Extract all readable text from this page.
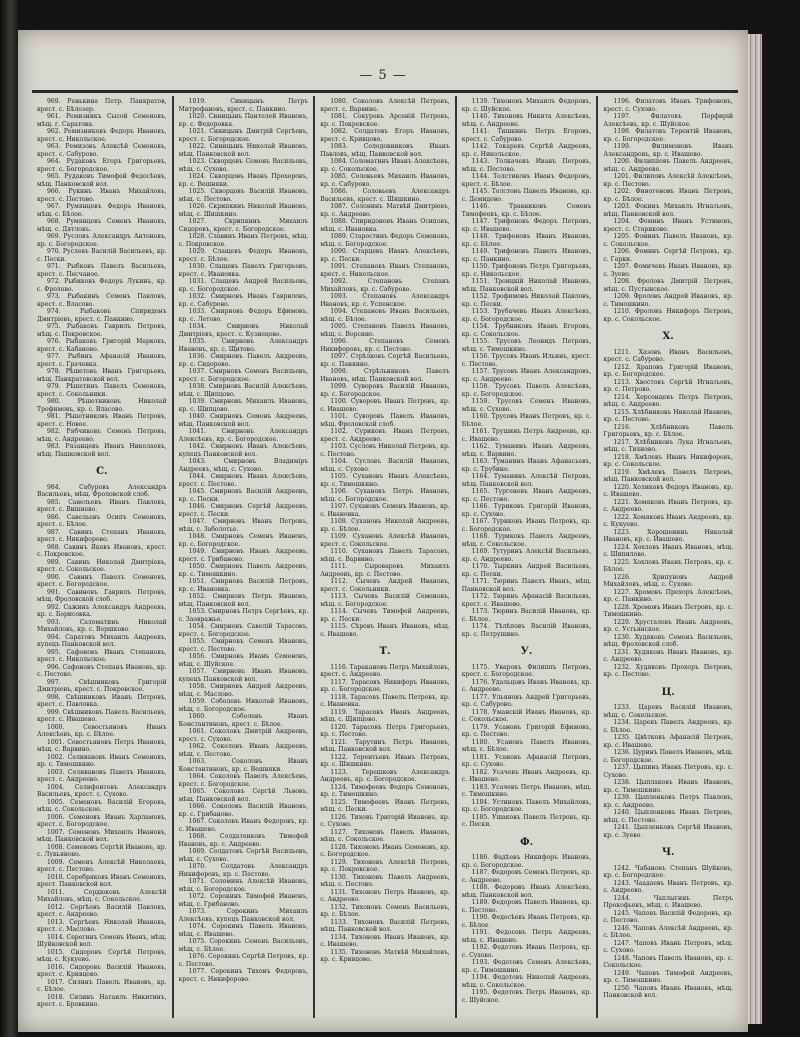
— 5 —

969. Ренькина Петр. Панкратов, крест. с. Бѣлозер.

961. Ремизникъ Сысой Семеновъ, мѣщ. г. Саратова.

962. Ремизниковъ Федоръ Ивановъ, крест. с. Никольское.

963. Ремизовъ Алексѣй Семеновъ, крест. с. Сабурово.

964. Рудаковъ Егоръ Григорьевъ, крест. с. Богородское.

965. Рудаковъ Тимофей Федосѣевъ, мѣщ. Панковской вол.

966. Рукинъ Иванъ Михайловъ, крест. с. Пестово.

967. Румянцевъ Федоръ Ивановъ, мѣщ. с. Бѣлое.

968. Румянцевъ Семенъ Ивановъ, мѣщ. с. Дятловъ.

969. Русловъ Александръ Антоновъ, кр. с. Богородское.

970. Руслевъ Василій Васильевъ, кр. с. Пески.

971. Рыбковъ Павелъ Васильевъ, крест. с. Песчаное.

972. Рыбиковъ Федоръ Лукинъ, кр. с. Фролово.

973. Рыбакинъ Семенъ Павловъ, крест. с. Власово.

974. Рыбаковъ Спиридонъ Дмитріевъ, крест. с. Панкино.

975. Рыбаковъ Гаврилъ Петровъ, мѣщ. с. Покровское.

976. Рыбаковъ Григорій Марковъ, крест. с. Кабаново.

977. Рыбинъ Афанасій Ивановъ, крест. с. Грачевка.

978. Рѣшетовъ Иванъ Григорьевъ, мѣщ. Панкратовской вол.

979. Рѣшетинъ Павелъ Семеновъ, крест. с. Сокольники.

980. Рѣшетниковъ Николай Трофимовъ, кр. с. Власово.

981. Рѣшетниковъ Иванъ Петровъ, крест. с. Новое.

982. Рябчиковъ Семенъ Петровъ, мѣщ. с. Андреево.

983. Рязанцевъ Иванъ Николаевъ, мѣщ. Пашковской вол.

С.

984. Сабуровъ Александръ Васильевъ, мѣщ. Фроловской слоб.

985. Савельевъ Иванъ Павловъ, крест. с. Вишнево.

986. Савельевъ Осипъ Семеновъ, крест. с. Бѣлое.

987. Савинъ Степанъ Ивановъ, крест. с. Никифорово.

988. Савинъ Яковъ Ивановъ, крест. с. Покровское.

989. Савинъ Николай Дмитріевъ, крест. с. Сокольское.

990. Савинъ Павелъ Семеновъ, крест. с. Богородское.

991. Савиновъ Гаврилъ Петровъ, мѣщ. Фроловской слоб.

992. Сажинъ Александръ Андреевъ, кр. с. Борисовка.

993. Саломатинъ Николай Михайловъ, кр. с. Вершково.

994. Саратовъ Михаилъ Андреевъ, купецъ Панковской вол.

995. Сафоновъ Иванъ Степановъ, крест. с. Никольское.

996. Сафоновъ Степанъ Ивановъ, кр. с. Пестово.

997. Свѣшниковъ Григорій Дмитріевъ, крест. с. Покровское.

998. Свѣшниковъ Иванъ Петровъ, крест. с. Павловка.

999. Свѣшниковъ Павелъ Васильевъ, крест. с. Ивашево.

1000. Севостьяновъ Иванъ Алексѣевъ, кр. с. Бѣлое.

1001. Севостьяновъ Петръ Ивановъ, мѣщ. с. Варвино.

1002. Селивановъ Иванъ Семеновъ, кр. с. Тимошкино.

1003. Селивановъ Павелъ Ивановъ, крест. с. Андреево.

1004. Селифонтовъ Александръ Васильевъ, крест. с. Сухово.

1005. Семеновъ Василій Егоровъ, мѣщ. с. Сокольское.

1006. Семеновъ Иванъ Харламовъ, крест. с. Богородское.

1007. Семеновъ Михаилъ Ивановъ, мѣщ. Панковской вол.

1008. Семеновъ Сергѣй Ивановъ, кр. с. Лукьяново.

1009. Семенъ Алексѣй Николаевъ, крест. с. Пестово.

1010. Серебряковъ Иванъ Семеновъ, крест. Панковской вол.

1011. Сердюковъ Алексѣй Михайловъ, мѣщ. с. Сокольское.

1012. Сергѣевъ Василій Павловъ, крест. с. Андреево.

1013. Сергѣевъ Николай Ивановъ, крест. с. Маслово.

1014. Серегинъ Семенъ Иванъ, мѣщ. Шуйковской вол.

1015. Сидоровъ Сергѣй Петровъ, мѣщ. с. Кукуево.

1016. Сидоровъ Василій Ивановъ, крест. с. Кривцово.

1017. Силинъ Павелъ Ивановъ, кр. с. Бѣлое.

1018. Силинъ Натаилъ Никитинъ, крест. с. Бровкино.

1019. Синицынъ Петръ Митрофановъ, крест. с. Панкино.

1020. Синицынъ Пантелей Ивановъ, кр. с. Федоровка.

1021. Синицынъ Дмитрій Сергѣевъ, крест. с. Богородское.

1022. Синицынъ Николай Ивановъ, мѣщ. Панковской вол.

1023. Скворцовъ Семенъ Васильевъ, мѣщ. с. Сухово.

1024. Скворцовъ Иванъ Прохоровъ, кр. с. Вешняки.

1025. Скворцовъ Василій Ивановъ, мѣщ. с. Пестово.

1026. Скрипкинъ Николай Ивановъ, мѣщ. с. Шишкино.

1027. Скрипкинъ Михаилъ Сидоровъ, крест. с. Богородское.

1028. Славинъ Иванъ Петровъ, мѣщ. с. Покровское.

1029. Слащевъ Федоръ Ивановъ, крест. с. Бѣлое.

1030. Слащевъ Павелъ Григорьевъ, крест. с. Ивановка.

1031. Слащевъ Андрей Васильевъ, кр. с. Богородское.

1032. Смирновъ Иванъ Гавриловъ, кр. с. Сабурово.

1033. Смирновъ Федоръ Ефимовъ, кр. с. Летово.

1034. Смирновъ Николай Дмитріевъ, крест. с. Кузнецово.

1035. Смирновъ Александръ Ивановъ, кр. с. Щитово.

1036. Смирновъ Павелъ Андреевъ, кр. с. Сидорово.

1037. Смирновъ Семенъ Васильевъ, крест. с. Богородское.

1038. Смирновъ Василій Алексѣевъ, мѣщ. с. Щипцово.

1039. Смирновъ Михаилъ Ивановъ, кр. с. Щипцово.

1040. Смирновъ Семенъ Андреевъ, мѣщ. Панковской вол.

1041. Смирновъ Александръ Алексѣевъ, кр. с. Богородское.

1042. Смирновъ Иванъ Алексѣевъ, купецъ Панковской вол.

1043. Смирновъ Владиміръ Андреевъ, мѣщ. с. Сухово.

1044. Смирновъ Иванъ Алексѣевъ, крест. с. Пестово.

1045. Смирновъ Василій Андреевъ, кр. с. Пески.

1046. Смирновъ Сергѣй Андреевъ, крест. с. Пески.

1047. Смирновъ Иванъ Петровъ, мѣщ. с. Заболотье.

1048. Смирновъ Семенъ Ивановъ, кр. с. Богородское.

1049. Смирновъ Иванъ Андреевъ, крест. с. Грибаново.

1050. Смирновъ Павелъ Андреевъ, кр. с. Тимошкино.

1051. Смирновъ Василій Петровъ, кр. с. Ивановка.

1052. Смирновъ Петръ Ивановъ, мѣщ. Панковской вол.

1053. Смирновъ Петръ Сергѣевъ, кр. с. Заовражье.

1054. Смирновъ Савелій Тарасовъ, крест. с. Богородское.

1055. Смирновъ Семенъ Ивановъ, крест. с. Пестово.

1056. Смирновъ Иванъ Семеновъ, мѣщ. с. Шуйское.

1057. Смирновъ Иванъ Ивановъ, купецъ Панковской вол.

1058. Смирновъ Андрей Андреевъ, мѣщ. с. Маслово.

1059. Соболевъ Николай Ивановъ, мѣщ. с. Богородское.

1060. Соболевъ Иванъ Константиновъ, крест. с. Бѣлое.

1061. Соколовъ Дмитрій Андреевъ, крест. с. Сухово.

1062. Соколовъ Иванъ Андреевъ, мѣщ. с. Пестово.

1063. Соколовъ Иванъ Константиновъ, кр. с. Вешняки.

1064. Соколовъ Павелъ Алексѣевъ, крест. с. Богородское.

1065. Соколовъ Сергѣй Львовъ, мѣщ. Панковской вол.

1066. Соколовъ Василій Ивановъ, кр. с. Грибаново.

1067. Соколовъ Иванъ Федоровъ, кр. с. Ивашево.

1068. Солдатенковъ Тимофей Ивановъ, кр. с. Андреево.

1069. Солдатовъ Сергѣй Васильевъ, мѣщ. с. Сухово.

1070. Солдатовъ Александръ Никифоровъ, кр. с. Пестово.

1071. Соломинъ Алексѣй Ивановъ, мѣщ. с. Богородское.

1072. Сорокинъ Тимофей Ивановъ, мѣщ. с. Грибаново.

1073. Сорокинъ Михаилъ Алексѣевъ, купецъ Панковской вол.

1074. Сорокинъ Павелъ Ивановъ, мѣщ. с. Ивашево.

1075. Сорокинъ Семенъ Васильевъ, мѣщ. с. Бѣлое.

1076. Сорокинъ Сергѣй Петровъ, кр. с. Пестово.

1077. Сорокинъ Тихонъ Федоровъ, крест. с. Никифорово.

1080. Соколовъ Алексѣй Петровъ, крест. с. Варвино.

1081. Сокуровъ Арсеній Петровъ, кр. с. Покровское.

1082. Солдатовъ Егоръ Ивановъ, крест. с. Кривцово.

1083. Солодовниковъ Иванъ Павловъ, мѣщ. Панковской вол.

1084. Соломатинъ Иванъ Алексѣевъ, кр. с. Сокольское.

1085. Соловьевъ Михаилъ Ивановъ, кр. с. Сабурово.

1086. Соловьевъ Александръ Васильевъ, крест. с. Шишкино.

1087. Солонинъ Матвѣй Дмитріевъ, кр. с. Андреево.

1088. Спиридоновъ Иванъ Осиповъ, мѣщ. с. Ивановка.

1089. Старостинъ Федоръ Семеновъ, мѣщ. с. Богородское.

1090. Старцевъ Иванъ Алексѣевъ, кр. с. Пески.

1091. Степановъ Иванъ Степановъ, крест. с. Никольское.

1092. Степановъ Степанъ Михайловъ, кр. с. Сабурово.

1093. Степановъ Александръ Ивановъ, кр. с. Успенское.

1094. Степановъ Иванъ Васильевъ, мѣщ. с. Бѣлое.

1095. Степановъ Павелъ Ивановъ, мѣщ. с. Ворсино.

1096. Степановъ Семенъ Никифоровъ, кр. с. Пестово.

1097. Стрѣлковъ Сергѣй Васильевъ, кр. с. Панкино.

1098. Стрѣльниковъ Павелъ Ивановъ, мѣщ. Панковской вол.

1099. Суворовъ Василій Ивановъ, кр. с. Богородское.

1100. Суворовъ Иванъ Петровъ, кр. с. Ивашево.

1101. Суворовъ Павелъ Ивановъ, мѣщ. Фроловской слоб.

1102. Суриковъ Иванъ Петровъ, крест. с. Андреево.

1103. Сусловъ Николай Петровъ, кр. с. Пестово.

1104. Сусловъ Василій Ивановъ, мѣщ. с. Сухово.

1105. Сухановъ Иванъ Алексѣевъ, кр. с. Тимошкино.

1106. Сухановъ Петръ Ивановъ, мѣщ. с. Богородское.

1107. Сухановъ Семенъ Ивановъ, кр. с. Ивановка.

1108. Сухановъ Николай Андреевъ, кр. с. Бѣлое.

1109. Сухановъ Алексѣй Ивановъ, крест. с. Сокольское.

1110. Сухановъ Павелъ Тарасовъ, мѣщ. с. Варвино.

1111. Сыроваровъ Михаилъ Андреевъ, кр. с. Пестово.

1112. Сычевъ Андрей Ивановъ, крест. с. Сокольники.

1113. Сычевъ Василій Семеновъ, мѣщ. с. Богородское.

1114. Сычевъ Тимофей Андреевъ, кр. с. Пески.

1115. Сѣровъ Иванъ Ивановъ, мѣщ. с. Ивашево.

Т.

1116. Таракановъ Петръ Михайловъ, крест. с. Андреево.

1117. Тарасовъ Никифоръ Ивановъ, кр. с. Богородское.

1118. Тарасовъ Павелъ Петровъ, кр. с. Ивановка.

1119. Тарасовъ Иванъ Андреевъ, мѣщ. с. Щипцово.

1120. Тарасовъ Петръ Григорьевъ, кр. с. Пестово.

1121. Тарутинъ Петръ Ивановъ, мѣщ. Панковской вол.

1122. Терентьевъ Иванъ Петровъ, кр. с. Шишкино.

1123. Терешковъ Александръ Андреевъ, кр. с. Богородское.

1124. Тимофеевъ Федоръ Семеновъ, кр. с. Тимошкино.

1125. Тимофеевъ Иванъ Петровъ, мѣщ. с. Пески.

1126. Тиховъ Григорій Ивановъ, кр. с. Сухово.

1127. Тихоновъ Павелъ Ивановъ, мѣщ. с. Сокольское.

1128. Тихоновъ Иванъ Семеновъ, кр. с. Богородское.

1129. Тихоновъ Алексѣй Петровъ, кр. с. Покровское.

1130. Тихоновъ Павелъ Андреевъ, мѣщ. с. Пестово.

1131. Тихоновъ Петръ Ивановъ, кр. с. Андреево.

1132. Тихоновъ Семенъ Васильевъ, кр. с. Бѣлое.

1133. Тихоновъ Василій Петровъ, мѣщ. Панковской вол.

1134. Тихоновъ Иванъ Ивановъ, кр. с. Ивашево.

1135. Тихоновъ Матвѣй Михайловъ, кр. с. Кривцово.

1139. Тихоновъ Михаилъ Федоровъ, кр. с. Шуйское.

1140. Тихоновъ Никита Алексѣевъ, мѣщ. с. Андреево.

1141. Тишкинъ Петръ Егоровъ, крест. с. Сабурово.

1142. Токаревъ Сергѣй Андреевъ, кр. с. Никольское.

1143. Толкачевъ Иванъ Петровъ, мѣщ. с. Пестово.

1144. Толстиковъ Иванъ Федоровъ, крест. с. Бѣлое.

1145. Толстовъ Павелъ Ивановъ, кр. с. Демидово.

1146. Травниковъ Семенъ Тимофеевъ, кр. с. Бѣлое.

1147. Трифоновъ Федоръ Петровъ, кр. с. Ивашево.

1148. Трифоновъ Иванъ Ивановъ, кр. с. Бѣлое.

1149. Трифоновъ Павелъ Ивановъ, кр. с. Панкино.

1150. Трифоновъ Петръ Григорьевъ, кр. с. Никольское.

1151. Троицкій Николай Ивановъ, мѣщ. Панковской вол.

1152. Трофимовъ Николай Павловъ, кр. с. Пески.

1153. Трубачевъ Иванъ Алексѣевъ, кр. с. Богородское.

1154. Трубниковъ Иванъ Егоровъ, кр. с. Сокольское.

1155. Трусовъ Леонидъ Петровъ, мѣщ. с. Тимошкино.

1156. Трусовъ Иванъ Ильинъ, крест. с. Пестово.

1157. Трусовъ Иванъ Александровъ, кр. с. Андреево.

1158. Трусовъ Павелъ Алексѣевъ, кр. с. Богородское.

1159. Трусовъ Семенъ Ивановъ, мѣщ. с. Сухово.

1160. Трусовъ Иванъ Петровъ, кр. с. Бѣлое.

1161. Трушинъ Петръ Андреевъ, кр. с. Ивашево.

1162. Туманинъ Иванъ Андреевъ, мѣщ. с. Варвино.

1163. Туманинъ Иванъ Афанасьевъ, кр. с. Трубино.

1164. Туманинъ Алексѣй Петровъ, мѣщ. Панковской вол.

1165. Тургеневъ Иванъ Андреевъ, кр. с. Пестово.

1166. Туриковъ Григорій Ивановъ, кр. с. Сухово.

1167. Туриковъ Иванъ Петровъ, кр. с. Богородское.

1168. Туриковъ Павелъ Андреевъ, мѣщ. с. Сокольское.

1169. Тутуринъ Алексѣй Васильевъ, кр. с. Андреево.

1170. Тыркинъ Андрей Васильевъ, кр. с. Пески.

1171. Тюринъ Павелъ Иванъ, мѣщ. Панковской вол.

1172. Тюринъ Афанасій Васильевъ, крест. с. Ивашево.

1173. Тюринъ Василій Ивановъ, кр. с. Бѣлое.

1174. Тѣлѣповъ Василій Ивановъ, кр. с. Петрушино.

У.

1175. Уваровъ Филиппъ Петровъ, крест. с. Богородское.

1176. Удальцовъ Иванъ Ивановъ, кр. с. Андреево.

1177. Ульяновъ Андрей Григорьевъ, кр. с. Сабурово.

1178. Уманскій Иванъ Ивановъ, кр. с. Сокольское.

1179. Усановъ Григорій Ефимовъ, кр. с. Пестово.

1180. Усановъ Павелъ Ивановъ, мѣщ. с. Бѣлое.

1181. Усановъ Афанасій Петровъ, кр. с. Сухово.

1182. Усачевъ Иванъ Андреевъ, кр. с. Ивашево.

1183. Усачевъ Петръ Ивановъ, мѣщ. с. Тимошкино.

1184. Устиновъ Павелъ Михайловъ, кр. с. Богородское.

1185. Ушаковъ Павелъ Петровъ, кр. с. Пески.

Ф.

1186. Фадѣевъ Никифоръ Ивановъ, кр. с. Богородское.

1187. Федоровъ Семенъ Петровъ, кр. с. Андреево.

1188. Федоровъ Иванъ Алексѣевъ, мѣщ. Панковской вол.

1189. Федоровъ Павелъ Ивановъ, кр. с. Пестово.

1190. Федосѣевъ Иванъ Петровъ, кр. с. Бѣлое.

1191. Федосовъ Петръ Андреевъ, мѣщ. с. Ивашево.

1192. Федотовъ Иванъ Петровъ, кр. с. Сухово.

1193. Федотовъ Семенъ Алексѣевъ, кр. с. Тимошкино.

1194. Федотовъ Николай Андреевъ, мѣщ. с. Сокольское.

1195. Федотовъ Петръ Ивановъ, кр. с. Шуйское.

1196. Филатовъ Иванъ Трифоновъ, крест. с. Сухово.

1197. Филатовъ Порфирій Алексѣевъ, кр. с. Шуйское.

1198. Филатовъ Терентій Ивановъ, кр. с. Богородское.

1199. Филимоновъ Иванъ Александровъ, кр. с. Ивашево.

1200. Филипповъ Павелъ Андреевъ, мѣщ. с. Андреево.

1201. Филиповъ Алексѣй Алексѣевъ, кр. с. Пестово.

1202. Финогеновъ Иванъ Петровъ, кр. с. Бѣлое.

1203. Фокинъ Михаилъ Игнатьевъ, мѣщ. Панковской вол.

1204. Фоминъ Иванъ Устиновъ, крест. с. Стариково.

1205. Фоминъ Павелъ Ивановъ, кр. с. Сокольское.

1206. Фоминъ Сергѣй Петровъ, кр. с. Гарки.

1207. Фомичевъ Иванъ Ивановъ, кр. с. Зуево.

1208. Фроловъ Дмитрій Петровъ, мѣщ. с. Пустынское.

1209. Фроловъ Андрей Ивановъ, кр. с. Тимошкино.

1210. Фроловъ Никифоръ Петровъ, кр. с. Сокольское.

Х.

1211. Хазовъ Иванъ Васильевъ, крест. с. Сабурово.

1212. Храповъ Григорій Ивановъ, кр. с. Богородское.

1213. Хвостовъ Сергѣй Игнатьевъ, кр. с. Петрово.

1214. Херсонцевъ Петръ Петровъ, мѣщ. с. Андреево.

1215. Хлѣбниковъ Николай Ивановъ, кр. с. Пестово.

1216. Хлѣбниковъ Павелъ Григорьевъ, кр. с. Бѣлое.

1217. Хлѣбниковъ Лука Игнатьевъ, мѣщ. с. Тихново.

1218. Хмѣлевъ Иванъ Никифоровъ, кр. с. Сокольское.

1219. Хмѣлевъ Павелъ Петровъ, мѣщ. Панковской вол.

1220. Холиковъ Федоръ Ивановъ, кр. с. Ивашево.

1221. Хомяковъ Иванъ Петровъ, кр. с. Андреево.

1222. Хомяковъ Иванъ Андреевъ, кр. с. Кукуево.

1223. Хорошенинъ Николай Ивановъ, кр. с. Ивашево.

1224. Хохловъ Иванъ Ивановъ, мѣщ. с. Шипилово.

1225. Хохловъ Иванъ Петровъ, кр. с. Бѣлое.

1226. Хрипуновъ Андрей Михайловъ, мѣщ. с. Сухово.

1227. Хромовъ Прохоръ Алексѣевъ, кр. с. Панкино.

1228. Хромовъ Иванъ Петровъ, кр. с. Тимошкино.

1229. Хрусталевъ Иванъ Андреевъ, кр. с. Устьянское.

1230. Худяковъ Семенъ Васильевъ, мѣщ. Фроловской слоб.

1231. Худяковъ Иванъ Ивановъ, кр. с. Андреево.

1232. Худяковъ Прохоръ Петровъ, кр. с. Пестово.

Ц.

1233. Царевъ Василій Ивановъ, мѣщ. с. Сокольское.

1234. Царевъ Павелъ Андреевъ, кр. с. Бѣлое.

1235. Цвѣтковъ Афанасій Петровъ, кр. с. Ивашево.

1236. Цуринъ Павелъ Ивановъ, мѣщ. с. Богородское.

1237. Цыпинъ Иванъ Петровъ, кр. с. Сухово.

1238. Цыплаковъ Иванъ Ивановъ, кр. с. Тимошкино.

1239. Цыпленковъ Петръ Павловъ, кр. с. Андреево.

1240. Цыпленковъ Иванъ Петровъ, мѣщ. с. Пестово.

1241. Цыпленковъ Сергѣй Ивановъ, кр. с. Зуево.

Ч.

1242. Чабановъ Степанъ Шуйковъ, кр. с. Богородское.

1243. Чаадаевъ Иванъ Петровъ, кр. с. Андреево.

1244. Чаплыгинъ Петръ Прокофьевъ, мѣщ. с. Ивашево.

1245. Чаповъ Василій Федоровъ, кр. с. Пестово.

1246. Чаповъ Алексѣй Андреевъ, кр. с. Бѣлое.

1247. Чаповъ Иванъ Петровъ, мѣщ. с. Сухово.

1248. Чаповъ Павелъ Ивановъ, кр. с. Сокольское.

1249. Чаповъ Тимофей Андреевъ, кр. с. Тимошкино.

1250. Чаповъ Иванъ Ивановъ, мѣщ. Панковской вол.
